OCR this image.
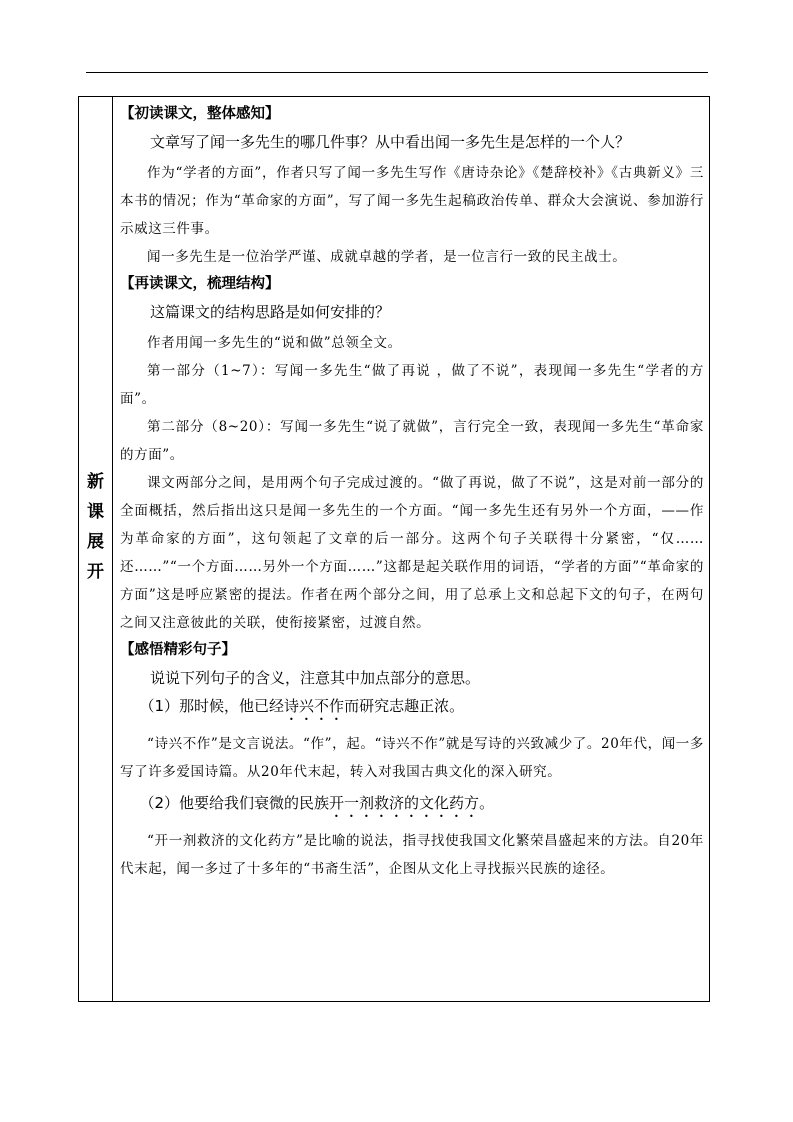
新
课
展
开
【初读课文，整体感知】

文章写了闻一多先生的哪几件事？从中看出闻一多先生是怎样的一个人？

作为“学者的方面”，作者只写了闻一多先生写作《唐诗杂论》《楚辞校补》《古典新义》三本书的情况；作为“革命家的方面”，写了闻一多先生起稿政治传单、群众大会演说、参加游行示威这三件事。

闻一多先生是一位治学严谨、成就卓越的学者，是一位言行一致的民主战士。

【再读课文，梳理结构】

这篇课文的结构思路是如何安排的？

作者用闻一多先生的“说和做”总领全文。

第一部分（1~7）：写闻一多先生“做了再说 ，做了不说”，表现闻一多先生“学者的方面”。

第二部分（8~20）：写闻一多先生“说了就做”，言行完全一致，表现闻一多先生“革命家的方面”。

课文两部分之间，是用两个句子完成过渡的。“做了再说，做了不说”，这是对前一部分的全面概括，然后指出这只是闻一多先生的一个方面。“闻一多先生还有另外一个方面，——作为革命家的方面”，这句领起了文章的后一部分。这两个句子关联得十分紧密，“仅……还……”“一个方面……另外一个方面……”这都是起关联作用的词语，“学者的方面”“革命家的方面”这是呼应紧密的提法。作者在两个部分之间，用了总承上文和总起下文的句子，在两句之间又注意彼此的关联，使衔接紧密，过渡自然。

【感悟精彩句子】

说说下列句子的含义，注意其中加点部分的意思。

（1）那时候，他已经诗兴不作而研究志趣正浓。

“诗兴不作”是文言说法。“作”，起。“诗兴不作”就是写诗的兴致减少了。20年代，闻一多写了许多爱国诗篇。从20年代末起，转入对我国古典文化的深入研究。

（2）他要给我们衰微的民族开一剂救济的文化药方。

“开一剂救济的文化药方”是比喻的说法，指寻找使我国文化繁荣昌盛起来的方法。自20年代末起，闻一多过了十多年的“书斋生活”，企图从文化上寻找振兴民族的途径。
